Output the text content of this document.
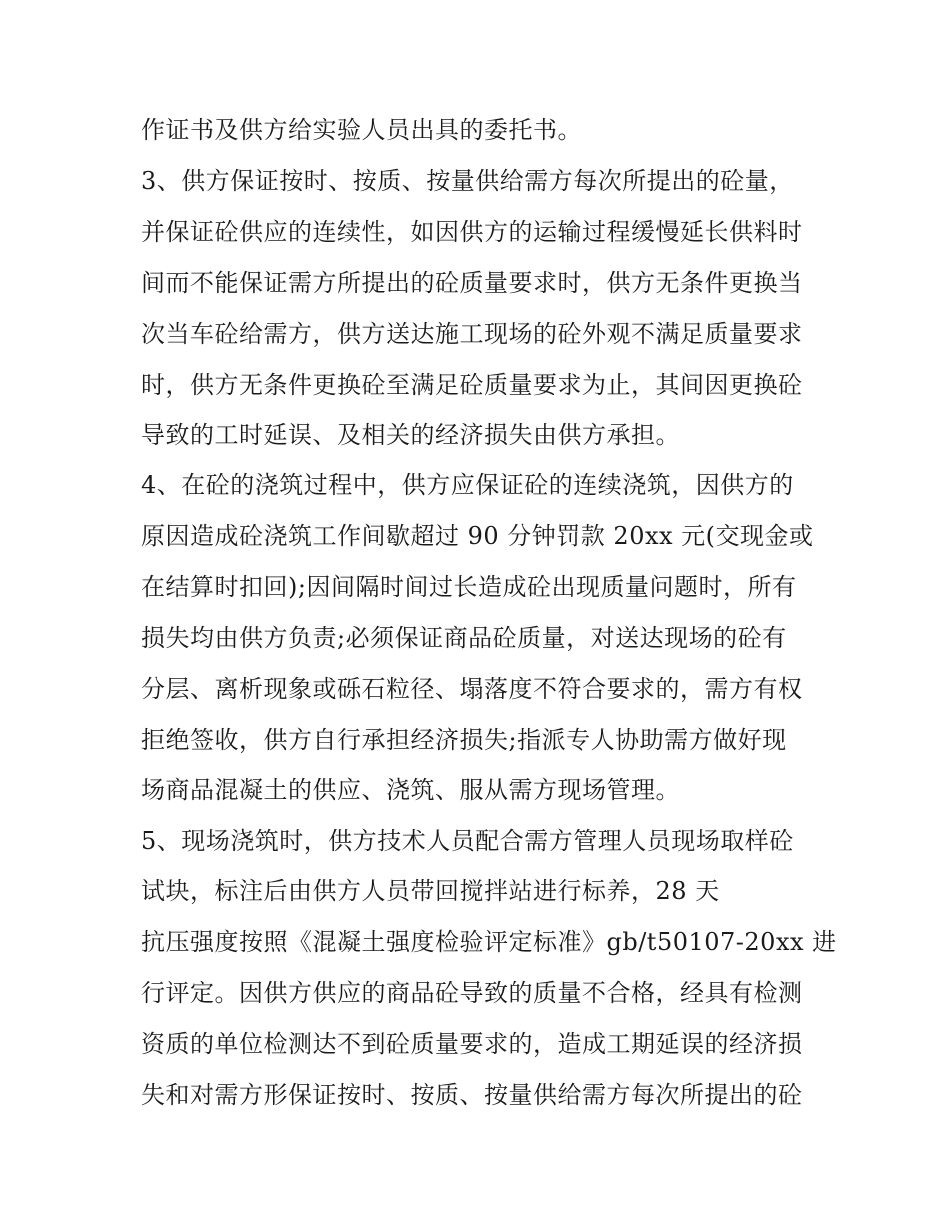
作证书及供方给实验人员出具的委托书。
3、供方保证按时、按质、按量供给需方每次所提出的砼量，
并保证砼供应的连续性，如因供方的运输过程缓慢延长供料时
间而不能保证需方所提出的砼质量要求时，供方无条件更换当
次当车砼给需方，供方送达施工现场的砼外观不满足质量要求
时，供方无条件更换砼至满足砼质量要求为止，其间因更换砼
导致的工时延误、及相关的经济损失由供方承担。
4、在砼的浇筑过程中，供方应保证砼的连续浇筑，因供方的
原因造成砼浇筑工作间歇超过 90 分钟罚款 20xx 元(交现金或
在结算时扣回);因间隔时间过长造成砼出现质量问题时，所有
损失均由供方负责;必须保证商品砼质量，对送达现场的砼有
分层、离析现象或砾石粒径、塌落度不符合要求的，需方有权
拒绝签收，供方自行承担经济损失;指派专人协助需方做好现
场商品混凝土的供应、浇筑、服从需方现场管理。
5、现场浇筑时，供方技术人员配合需方管理人员现场取样砼
试块，标注后由供方人员带回搅拌站进行标养，28 天
抗压强度按照《混凝土强度检验评定标准》gb/t50107-20xx 进
行评定。因供方供应的商品砼导致的质量不合格，经具有检测
资质的单位检测达不到砼质量要求的，造成工期延误的经济损
失和对需方形保证按时、按质、按量供给需方每次所提出的砼
